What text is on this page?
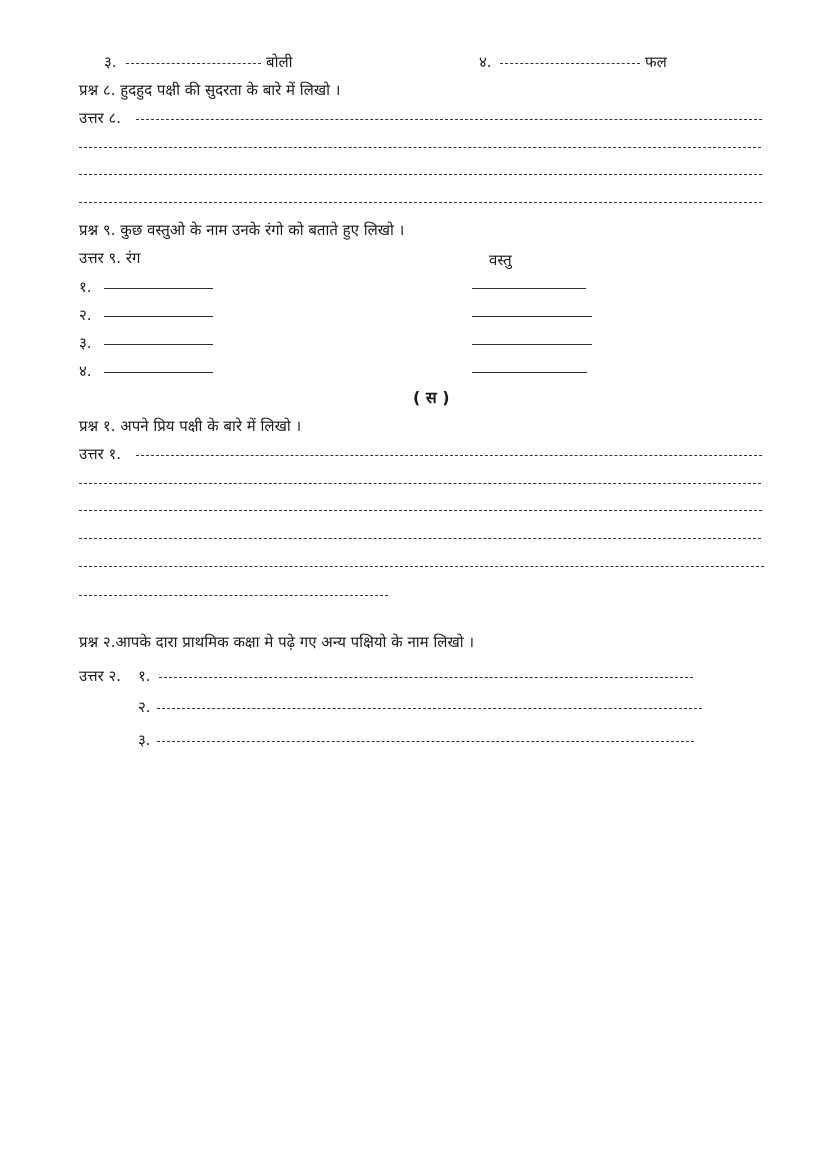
३.	बोली	४.	फल
प्रश्न ८. हुदहुद पक्षी की सुदरता के बारे में लिखो ।
उत्तर ८.
प्रश्न ९. कुछ वस्तुओ के नाम उनके रंगो को बताते हुए लिखो ।
उत्तर ९. रंग	वस्तु
१.
२.
३.
४.
( स )
प्रश्न १. अपने प्रिय पक्षी के बारे में लिखो ।
उत्तर १.
प्रश्न २.आपके दारा प्राथमिक कक्षा मे पढ़े गए अन्य पक्षियो के नाम लिखो ।
उत्तर २. १.
२.
३.
